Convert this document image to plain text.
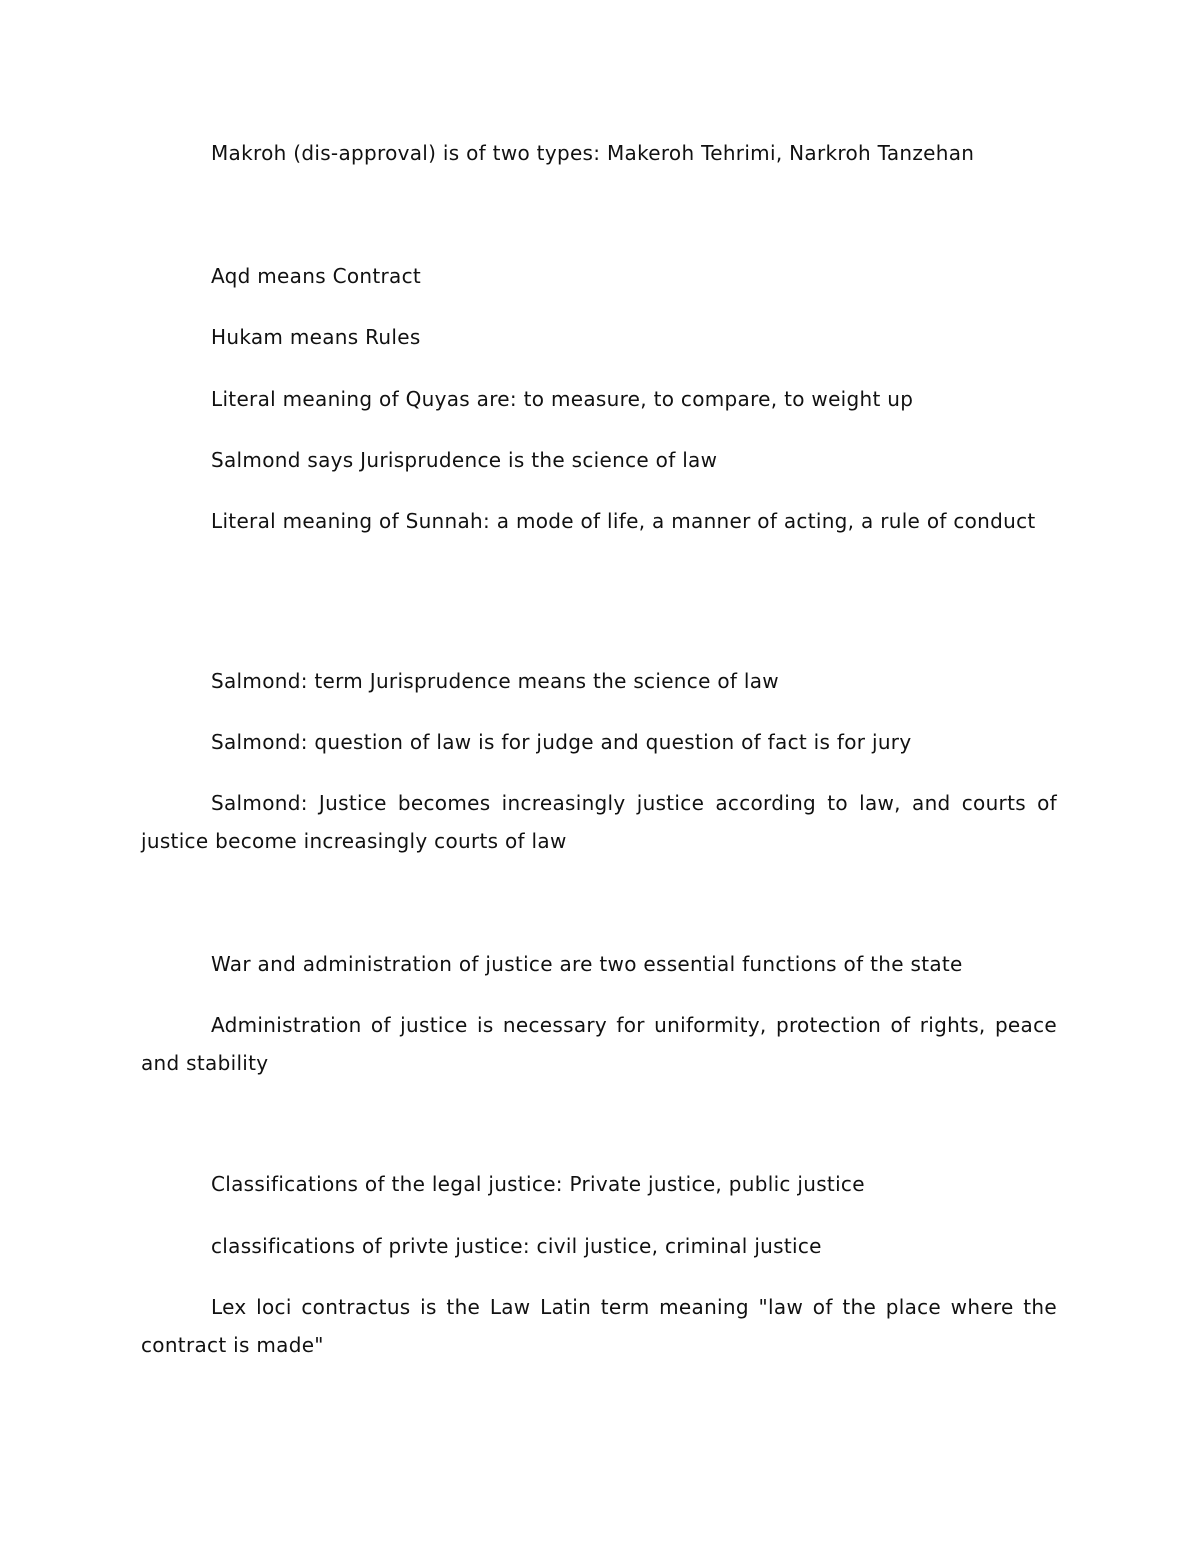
Makroh (dis-approval) is of two types: Makeroh Tehrimi, Narkroh Tanzehan

Aqd means Contract

Hukam means Rules

Literal meaning of Quyas are: to measure, to compare, to weight up

Salmond says Jurisprudence is the science of law

Literal meaning of Sunnah: a mode of life, a manner of acting, a rule of conduct

Salmond: term Jurisprudence means the science of law

Salmond: question of law is for judge and question of fact is for jury

Salmond: Justice becomes increasingly justice according to law, and courts of justice become increasingly courts of law

War and administration of justice are two essential functions of the state

Administration of justice is necessary for uniformity, protection of rights, peace and stability

Classifications of the legal justice: Private justice, public justice

classifications of privte justice: civil justice, criminal justice

Lex loci contractus is the Law Latin term meaning "law of the place where the contract is made"
